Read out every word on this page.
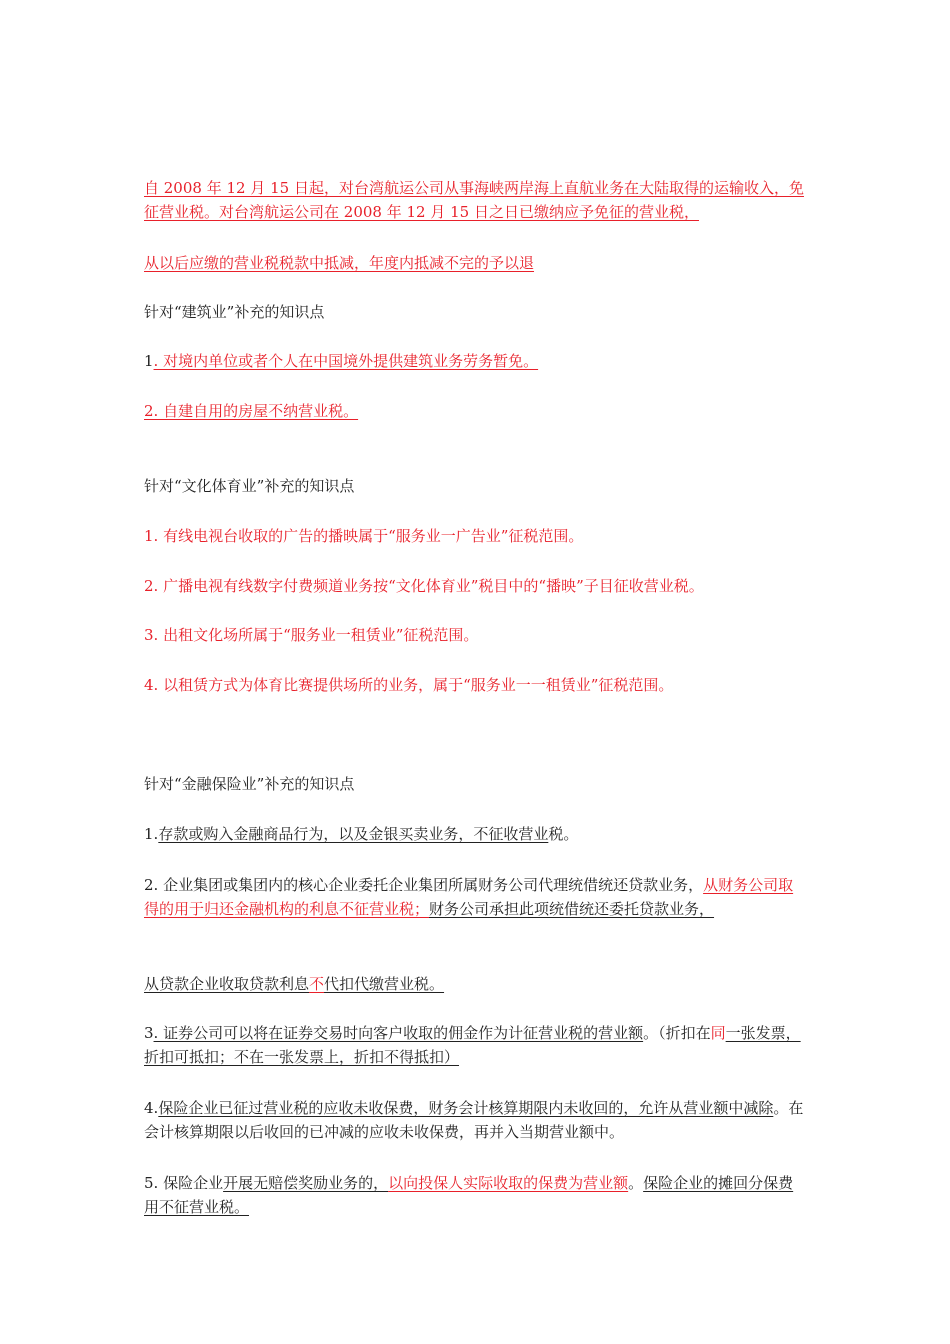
自 2008 年 12 月 15 日起，对台湾航运公司从事海峡两岸海上直航业务在大陆取得的运输收入，免征营业税。对台湾航运公司在 2008 年 12 月 15 日之日已缴纳应予免征的营业税，

从以后应缴的营业税税款中抵减，年度内抵减不完的予以退

针对“建筑业”补充的知识点

1. 对境内单位或者个人在中国境外提供建筑业务劳务暂免。

2. 自建自用的房屋不纳营业税。

针对“文化体育业”补充的知识点

1. 有线电视台收取的广告的播映属于“服务业一广告业”征税范围。

2. 广播电视有线数字付费频道业务按“文化体育业”税目中的“播映”子目征收营业税。

3. 出租文化场所属于“服务业一租赁业”征税范围。

4. 以租赁方式为体育比赛提供场所的业务，属于“服务业一一租赁业”征税范围。

针对“金融保险业”补充的知识点

1.存款或购入金融商品行为，以及金银买卖业务，不征收营业税。

2. 企业集团或集团内的核心企业委托企业集团所属财务公司代理统借统还贷款业务，从财务公司取得的用于归还金融机构的利息不征营业税；财务公司承担此项统借统还委托贷款业务，

从贷款企业收取贷款利息不代扣代缴营业税。

3. 证券公司可以将在证券交易时向客户收取的佣金作为计征营业税的营业额。（折扣在同一张发票，折扣可抵扣；不在一张发票上，折扣不得抵扣）

4.保险企业已征过营业税的应收未收保费，财务会计核算期限内未收回的，允许从营业额中减除。在会计核算期限以后收回的已冲减的应收未收保费，再并入当期营业额中。

5. 保险企业开展无赔偿奖励业务的，以向投保人实际收取的保费为营业额。保险企业的摊回分保费用不征营业税。
